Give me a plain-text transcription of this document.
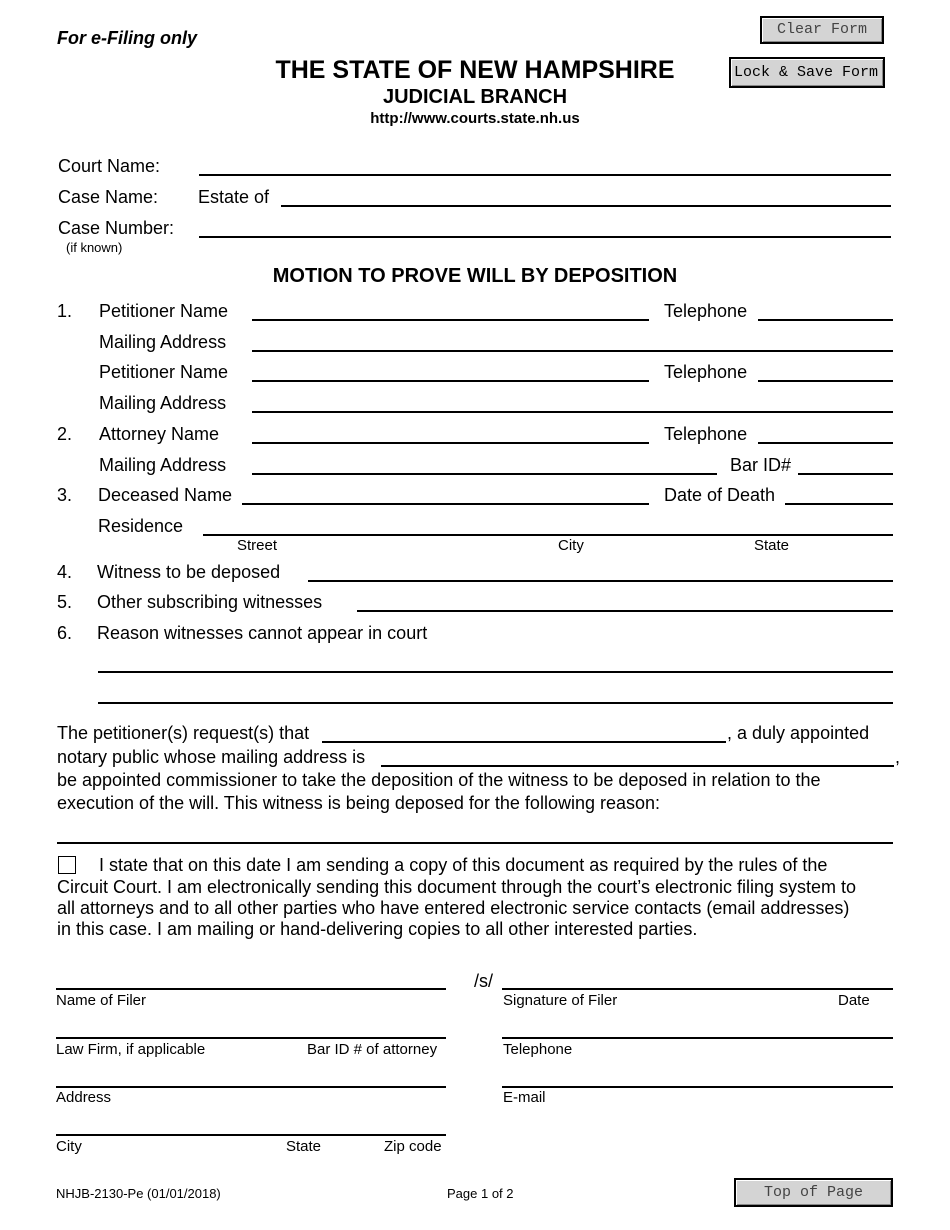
For e-Filing only
THE STATE OF NEW HAMPSHIRE
JUDICIAL BRANCH
http://www.courts.state.nh.us
Clear Form
Lock & Save Form
Court Name:
Case Name: Estate of
Case Number:
(if known)
MOTION TO PROVE WILL BY DEPOSITION
1. Petitioner Name	Telephone
Mailing Address
Petitioner Name	Telephone
Mailing Address
2. Attorney Name	Telephone
Mailing Address	Bar ID#
3. Deceased Name	Date of Death
Residence
Street	City	State
4. Witness to be deposed
5. Other subscribing witnesses
6. Reason witnesses cannot appear in court
The petitioner(s) request(s) that	, a duly appointed
notary public whose mailing address is	,
be appointed commissioner to take the deposition of the witness to be deposed in relation to the
execution of the will. This witness is being deposed for the following reason:
I state that on this date I am sending a copy of this document as required by the rules of the
Circuit Court. I am electronically sending this document through the court’s electronic filing system to
all attorneys and to all other parties who have entered electronic service contacts (email addresses)
in this case. I am mailing or hand-delivering copies to all other interested parties.
Name of Filer
/s/
Signature of Filer	Date
Law Firm, if applicable	Bar ID # of attorney	Telephone
Address	E-mail
City	State	Zip code
NHJB-2130-Pe (01/01/2018)	Page 1 of 2	Top of Page
